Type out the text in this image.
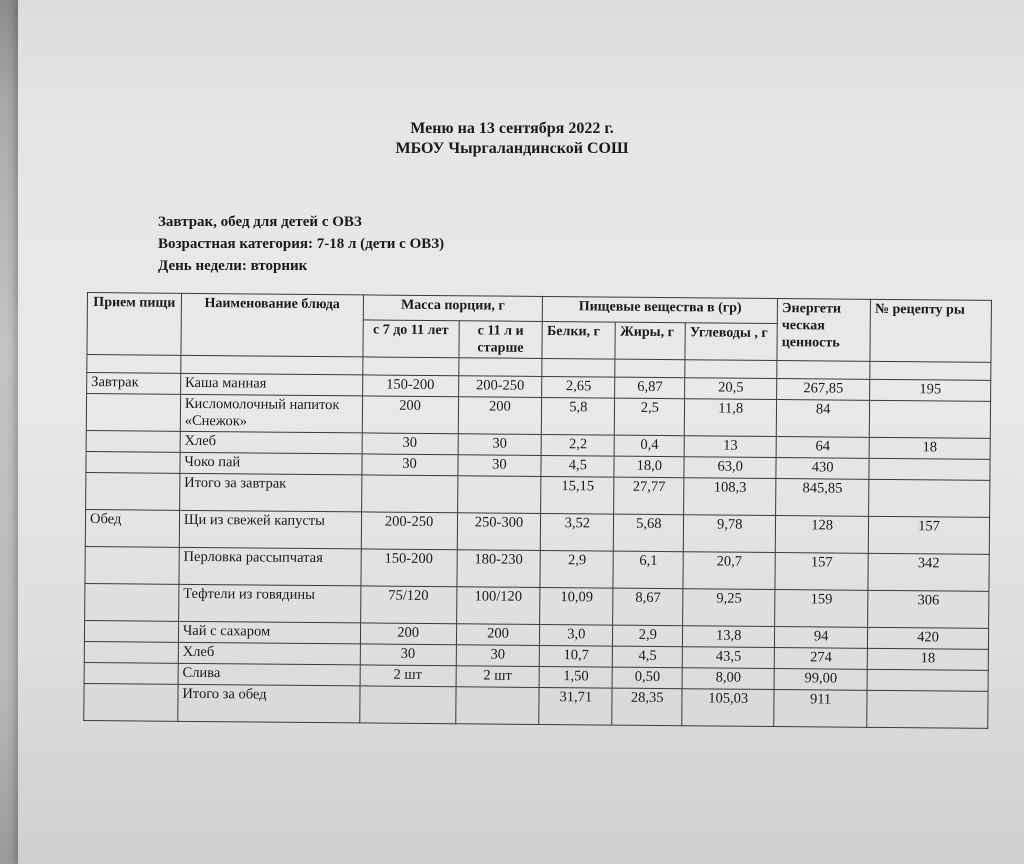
Меню на 13 сентября 2022 г.
МБОУ Чыргаландинской СОШ
Завтрак, обед для детей с ОВЗ
Возрастная категория: 7-18 л (дети с ОВЗ)
День недели: вторник
Прием пищи	Наименование блюда	Масса порции, г		Пищевые вещества в (гр)			Энергети ческая ценность	№ рецепту ры
		с 7 до 11 лет	с 11 л и старше	Белки, г	Жиры, г	Углеводы , г		

Завтрак	Каша манная	150-200	200-250	2,65	6,87	20,5	267,85	195
	Кисломолочный напиток «Снежок»	200	200	5,8	2,5	11,8	84	
	Хлеб	30	30	2,2	0,4	13	64	18
	Чоко пай	30	30	4,5	18,0	63,0	430	
	Итого за завтрак			15,15	27,77	108,3	845,85	
Обед	Щи из свежей капусты	200-250	250-300	3,52	5,68	9,78	128	157
	Перловка рассыпчатая	150-200	180-230	2,9	6,1	20,7	157	342
	Тефтели из говядины	75/120	100/120	10,09	8,67	9,25	159	306
	Чай с сахаром	200	200	3,0	2,9	13,8	94	420
	Хлеб	30	30	10,7	4,5	43,5	274	18
	Слива	2 шт	2 шт	1,50	0,50	8,00	99,00	
	Итого за обед			31,71	28,35	105,03	911	
